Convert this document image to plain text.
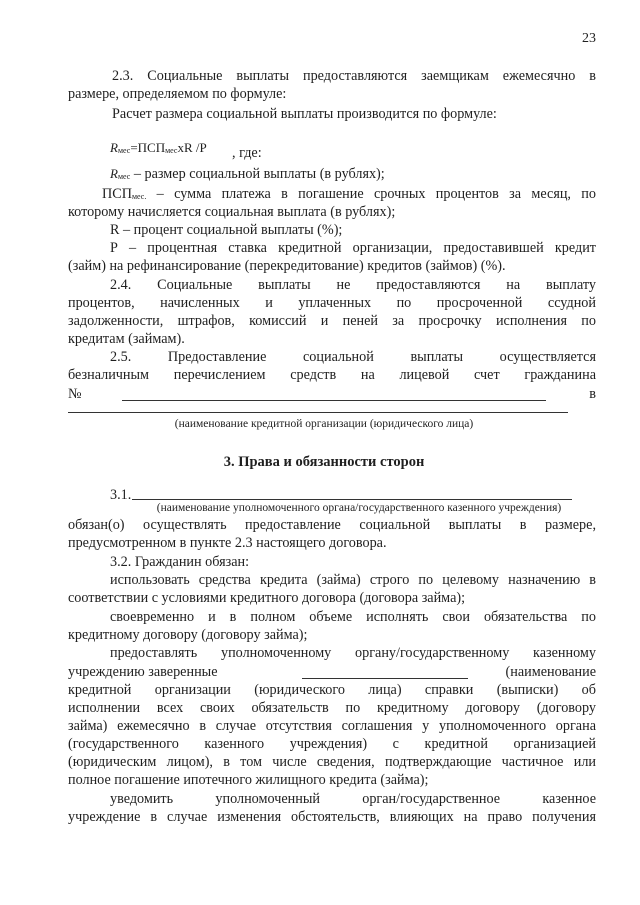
23
2.3. Социальные выплаты предоставляются заемщикам ежемесячно в
размере, определяемом по формуле:
Расчет размера социальной выплаты производится по формуле:
Rмес=ПСПмесxR /P	, где:
Rмес – размер социальной выплаты (в рублях);
ПСПмес. – сумма платежа в погашение срочных процентов за месяц, по
которому начисляется социальная выплата (в рублях);
R – процент социальной выплаты (%);
Р – процентная ставка кредитной организации, предоставившей кредит
(займ) на рефинансирование (перекредитование) кредитов (займов) (%).
2.4. Социальные выплаты не предоставляются на выплату
процентов, начисленных и уплаченных по просроченной ссудной
задолженности, штрафов, комиссий и пеней за просрочку исполнения по
кредитам (займам).
2.5. Предоставление социальной выплаты осуществляется
безналичным перечислением средств на лицевой счет гражданина
№	в
(наименование кредитной организации (юридического лица)
3. Права и обязанности сторон
3.1.
(наименование уполномоченного органа/государственного казенного учреждения)
обязан(о) осуществлять предоставление социальной выплаты в размере,
предусмотренном в пункте 2.3 настоящего договора.
3.2. Гражданин обязан:
использовать средства кредита (займа) строго по целевому назначению в
соответствии с условиями кредитного договора (договора займа);
своевременно и в полном объеме исполнять свои обязательства по
кредитному договору (договору займа);
предоставлять уполномоченному органу/государственному казенному
учреждению заверенные	(наименование
кредитной организации (юридического лица) справки (выписки) об
исполнении всех своих обязательств по кредитному договору (договору
займа) ежемесячно в случае отсутствия соглашения у уполномоченного органа
(государственного казенного учреждения) с кредитной организацией
(юридическим лицом), в том числе сведения, подтверждающие частичное или
полное погашение ипотечного жилищного кредита (займа);
уведомить уполномоченный орган/государственное казенное
учреждение в случае изменения обстоятельств, влияющих на право получения
